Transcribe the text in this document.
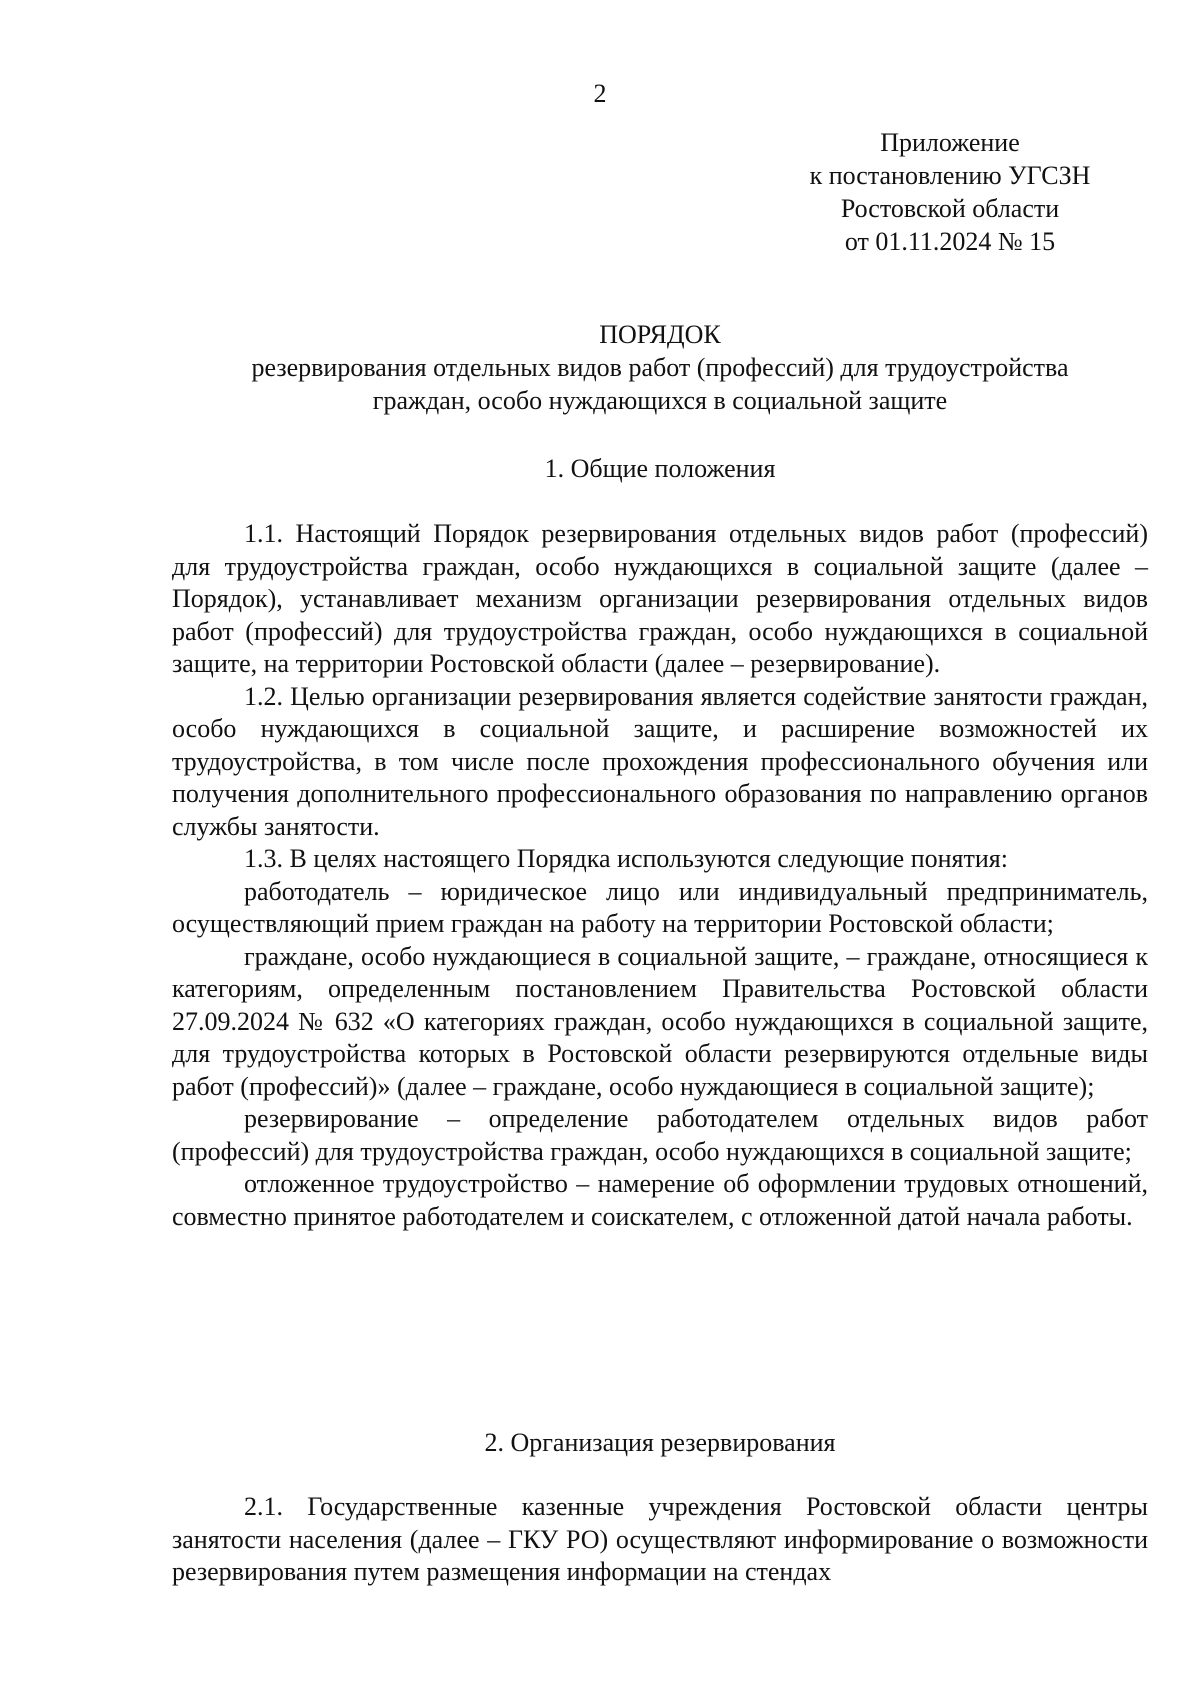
2
Приложение
к постановлению УГСЗН
Ростовской области
от 01.11.2024 № 15
ПОРЯДОК
резервирования отдельных видов работ (профессий) для трудоустройства
граждан, особо нуждающихся в социальной защите
1. Общие положения

1.1. Настоящий Порядок резервирования отдельных видов работ (профессий) для трудоустройства граждан, особо нуждающихся в социальной защите (далее – Порядок), устанавливает механизм организации резервирования отдельных видов работ (профессий) для трудоустройства граждан, особо нуждающихся в социальной защите, на территории Ростовской области (далее – резервирование).

1.2. Целью организации резервирования является содействие занятости граждан, особо нуждающихся в социальной защите, и расширение возможностей их трудоустройства, в том числе после прохождения профессионального обучения или получения дополнительного профессионального образования по направлению органов службы занятости.

1.3. В целях настоящего Порядка используются следующие понятия:

работодатель – юридическое лицо или индивидуальный предприниматель, осуществляющий прием граждан на работу на территории Ростовской области;

граждане, особо нуждающиеся в социальной защите, – граждане, относящиеся к категориям, определенным постановлением Правительства Ростовской области 27.09.2024 № 632 «О категориях граждан, особо нуждающихся в социальной защите, для трудоустройства которых в Ростовской области резервируются отдельные виды работ (профессий)» (далее – граждане, особо нуждающиеся в социальной защите);

резервирование – определение работодателем отдельных видов работ (профессий) для трудоустройства граждан, особо нуждающихся в социальной защите;

отложенное трудоустройство – намерение об оформлении трудовых отношений, совместно принятое работодателем и соискателем, с отложенной датой начала работы.

2. Организация резервирования

2.1. Государственные казенные учреждения Ростовской области центры занятости населения (далее – ГКУ РО) осуществляют информирование о возможности резервирования путем размещения информации на стендах
